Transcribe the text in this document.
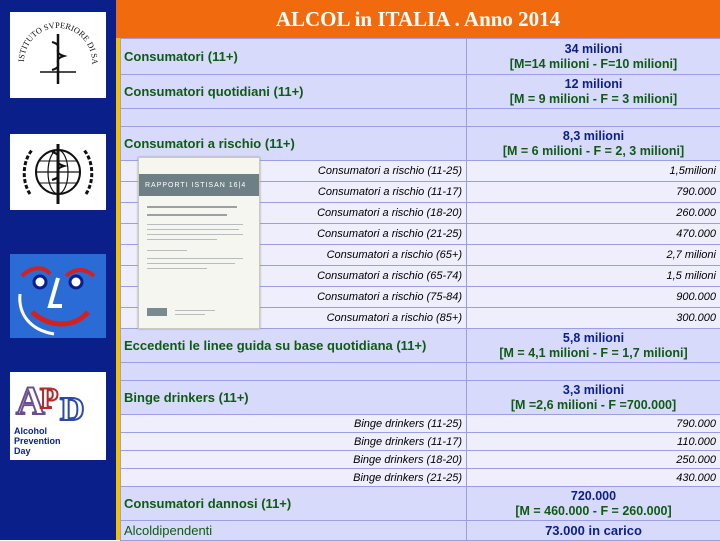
ALCOL in ITALIA . Anno 2014
ISTITUTO SVPERIORE DI SA
A
P D
Alcohol
Prevention
Day
Consumatori (11+)	34 milioni
[M=14 milioni - F=10 milioni]

Consumatori quotidiani (11+)	12 milioni
[M = 9 milioni - F = 3 milioni]

Consumatori a rischio (11+)	8,3 milioni
[M = 6 milioni - F = 2, 3 milioni]

Consumatori a rischio (11-25)	1,5milioni
Consumatori a rischio (11-17)	790.000
Consumatori a rischio (18-20)	260.000
Consumatori a rischio (21-25)	470.000
Consumatori a rischio (65+)	2,7 milioni
Consumatori a rischio (65-74)	1,5 milioni
Consumatori a rischio (75-84)	900.000
Consumatori a rischio (85+)	300.000
Eccedenti le linee guida su base quotidiana (11+)	5,8 milioni
[M = 4,1 milioni - F = 1,7 milioni]

Binge drinkers (11+)	3,3 milioni
[M =2,6 milioni - F =700.000]

Binge drinkers (11-25)	790.000
Binge drinkers (11-17)	110.000
Binge drinkers (18-20)	250.000
Binge drinkers (21-25)	430.000
Consumatori dannosi (11+)	720.000
[M = 460.000 - F = 260.000]

Alcoldipendenti	73.000 in carico
RAPPORTI ISTISAN 16|4
